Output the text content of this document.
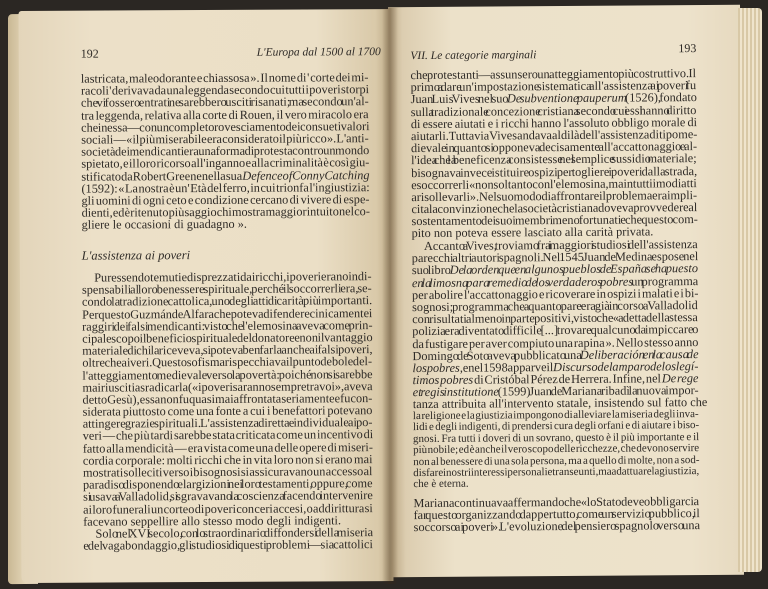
192	L'Europa dal 1500 al 1700
lastricata, maleodorante e chiassosa ». Il nome di ' corte dei mi-
racoli ' derivava da una leggenda secondo cui tutti i poveri storpi
che vi fossero entrati ne sarebbero usciti risanati; ma secondo un'al-
tra leggenda, relativa alla corte di Rouen, il vero miracolo era
che in essa — con un completo rovesciamento dei consueti valori
sociali — « il più miserabile era considerato il più ricco ». L'anti-
società dei mendicanti era una forma di protesta contro un mondo
spietato, e il loro ricorso all'inganno e alla criminalità è così giu-
stificato da Robert Greene nella sua Defence of Conny Catching
(1592): « La nostra è un' Età del ferro, in cui trionfa l'ingiustizia:
gli uomini di ogni ceto e condizione cercano di vivere di espe-
dienti, ed è ritenuto più saggio chi mostra maggior intuito nel co-
gliere le occasioni di guadagno ».
L'assistenza ai poveri
 Pur essendo temuti e disprezzati dai ricchi, i poveri erano indi-
spensabili al loro benessere spirituale, perché il soccorrerli era, se-
condo la tradizione cattolica, uno degli atti di carità più importanti.
Per questo Guzmán de Alfarache poteva difendere cinicamente i
raggiri dei falsi mendicanti: visto che l'elemosina aveva come prin-
cipale scopo il beneficio spirituale del donatore e non il vantaggio
materiale di chi la riceveva, si poteva ben farla anche ai falsi poveri,
oltre che ai veri. Questo sofisma rispecchiava il punto debole del-
l'atteggiamento medievale verso la povertà: poiché non si sarebbe
mai riusciti a sradicarla (« i poveri saranno sempre tra voi », aveva
detto Gesù), essa non fu quasi mai affrontata seriamente e fu con-
siderata piuttosto come una fonte a cui i benefattori potevano
attingere grazie spirituali. L'assistenza diretta e individuale ai po-
veri — che più tardi sarebbe stata criticata come un incentivo di
fatto alla mendicità — era vista come una delle opere di miseri-
cordia corporale: molti ricchi che in vita loro non si erano mai
mostrati solleciti verso i bisognosi si assicuravano un accesso al
paradiso disponendo elargizioni nei loro testamenti, oppure, come
si usava a Valladolid, si sgravavano la coscienza facendo intervenire
ai loro funerali un corteo di poveri con ceri accesi, o addirittura si
facevano seppellire allo stesso modo degli indigenti.
 Solo nel XVI secolo, con lo straordinario diffondersi della miseria
e del vagabondaggio, gli studiosi di questi problemi — sia cattolici
193
VII. Le categorie marginali
che protestanti — assunsero un atteggiamento più costruttivo. Il
primo a dare un'impostazione sistematica all'assistenza ai poveri fu
Juan Luis Vives nel suo De subventione pauperum (1526), fondato
sulla tradizionale concezione cristiana secondo cui essi hanno diritto
di essere aiutati e i ricchi hanno l'assoluto obbligo morale di
aiutarli. Tuttavia Vives andava al di là dell'assistenza di tipo me-
dievale in quanto si opponeva decisamente all'accattonaggio e al-
l'idea che la beneficenza consistesse nel semplice sussidio materiale;
bisognava invece istituire ospizi per togliere i poveri dalla strada,
e soccorrerli « non soltanto con l'elemosina, ma in tutti i modi atti
a risollevarli ». Nel suo modo di affrontare il problema era impli-
cita la convinzione che la società cristiana doveva provvedere al
sostentamento dei suoi membri meno fortunati e che questo com-
pito non poteva essere lasciato alla carità privata.
 Accanto a Vives, troviamo fra i maggiori studiosi dell'assistenza
parecchi altri autori spagnoli. Nel 1545 Juan de Medina espose nel
suo libro De la orden que en algunos pueblos de España se ha puesto
en la limosna para remedio de los verdaderos pobres un programma
per abolire l'accattonaggio e ricoverare in ospizi i malati e i bi-
sognosi; programma che a quanto pare era già in corso a Valladolid
con risultati almeno in parte positivi, visto che « a detta della stessa
polizia era diventato difficile [...] trovare qualcuno da impiccare o
da fustigare per aver compiuto una rapina ». Nello stesso anno
Domingo de Soto aveva pubblicato una Deliberación en la causa de
los pobres, e nel 1598 apparve il Discurso del amparo de los legí-
timos pobres di Cristóbal Pérez de Herrera. Infine, nel De rege
et regis institutione (1599) Juan de Mariana ribadì la nuova impor-
tanza attribuita all'intervento statale, insistendo sul fatto che
la religione e la giustizia impongono di alleviare la miseria degli inva-
lidi e degli indigenti, di prendersi cura degli orfani e di aiutare i biso-
gnosi. Fra tutti i doveri di un sovrano, questo è il più importante e il
più nobile; ed è anche il vero scopo delle ricchezze, che devono servire
non al benessere di una sola persona, ma a quello di molte, non a sod-
disfare i nostri interessi personali e transeunti, ma ad attuare la giustizia,
che è eterna.
Mariana continuava affermando che « lo Stato deve obbligarci a
far questo organizzando dappertutto, come un servizio pubblico, il
soccorso ai poveri ». L'evoluzione del pensiero spagnolo verso una
